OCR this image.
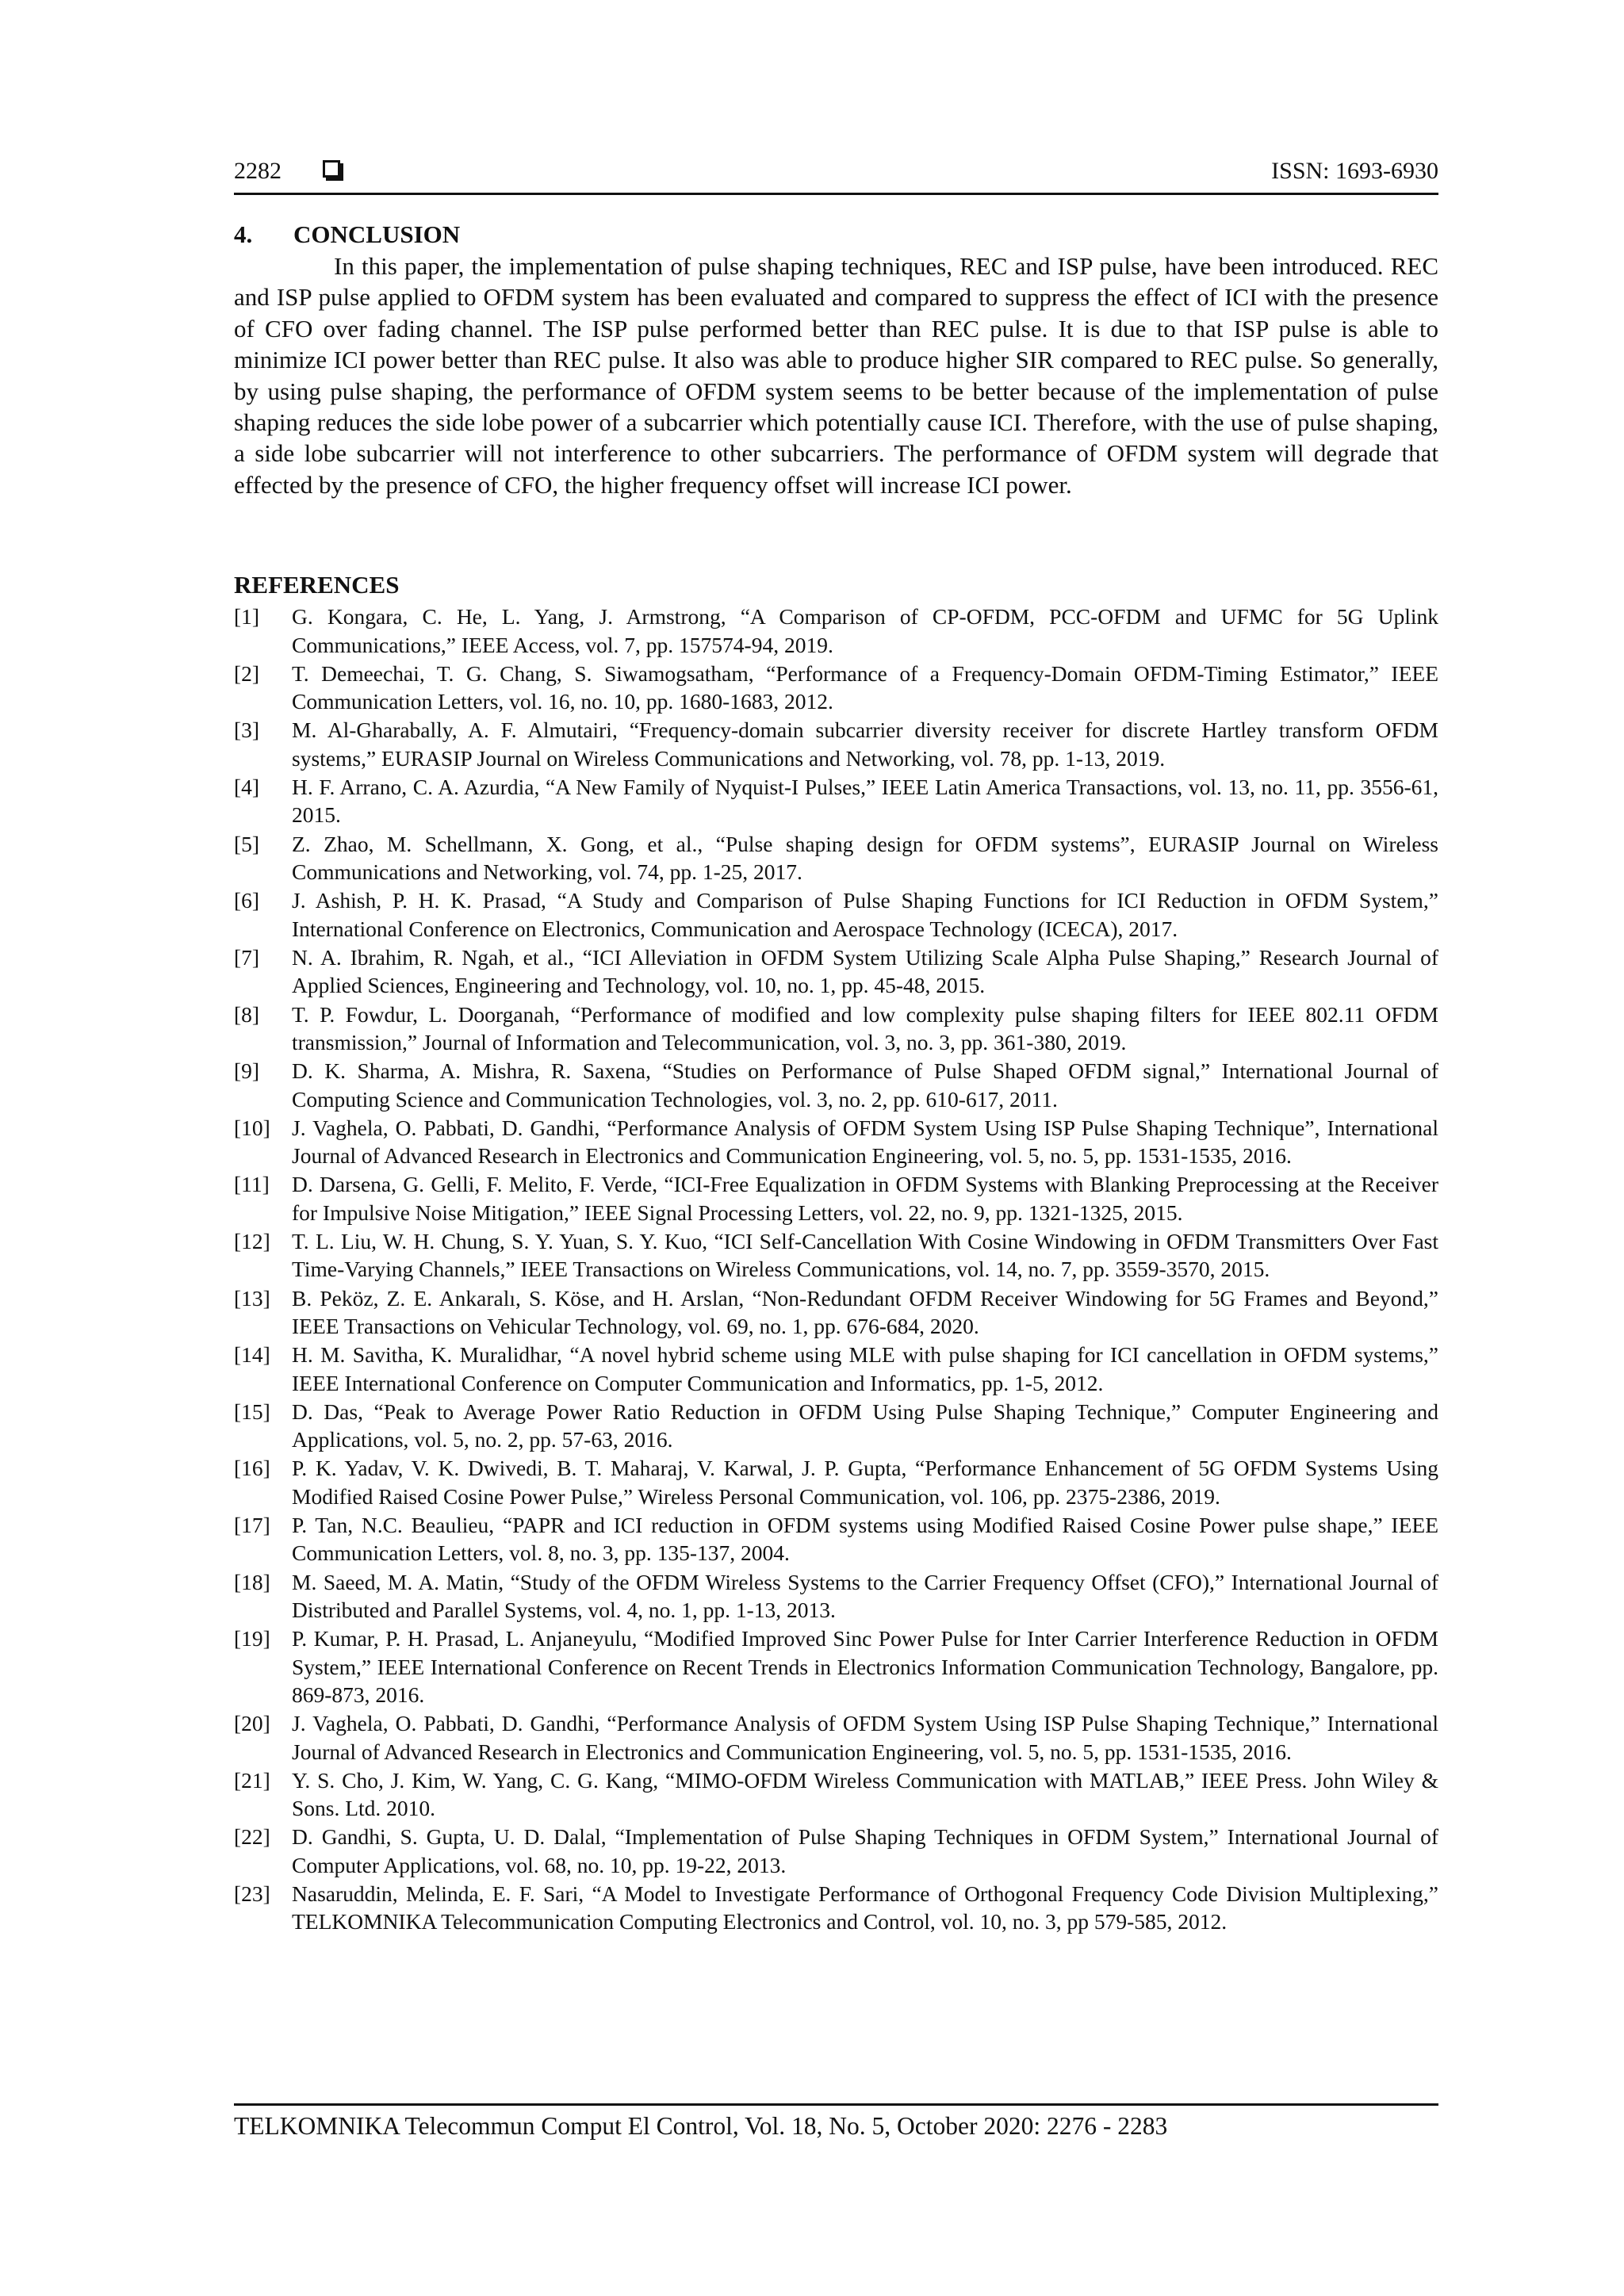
2282	ISSN: 1693-6930
4. CONCLUSION

In this paper, the implementation of pulse shaping techniques, REC and ISP pulse, have been introduced. REC and ISP pulse applied to OFDM system has been evaluated and compared to suppress the effect of ICI with the presence of CFO over fading channel. The ISP pulse performed better than REC pulse. It is due to that ISP pulse is able to minimize ICI power better than REC pulse. It also was able to produce higher SIR compared to REC pulse. So generally, by using pulse shaping, the performance of OFDM system seems to be better because of the implementation of pulse shaping reduces the side lobe power of a subcarrier which potentially cause ICI. Therefore, with the use of pulse shaping, a side lobe subcarrier will not interference to other subcarriers. The performance of OFDM system will degrade that effected by the presence of CFO, the higher frequency offset will increase ICI power.

REFERENCES
[1] G. Kongara, C. He, L. Yang, J. Armstrong, “A Comparison of CP-OFDM, PCC-OFDM and UFMC for 5G Uplink Communications,” IEEE Access, vol. 7, pp. 157574-94, 2019.
[2] T. Demeechai, T. G. Chang, S. Siwamogsatham, “Performance of a Frequency-Domain OFDM-Timing Estimator,” IEEE Communication Letters, vol. 16, no. 10, pp. 1680-1683, 2012.
[3] M. Al-Gharabally, A. F. Almutairi, “Frequency-domain subcarrier diversity receiver for discrete Hartley transform OFDM systems,” EURASIP Journal on Wireless Communications and Networking, vol. 78, pp. 1-13, 2019.
[4] H. F. Arrano, C. A. Azurdia, “A New Family of Nyquist-I Pulses,” IEEE Latin America Transactions, vol. 13, no. 11, pp. 3556-61, 2015.
[5] Z. Zhao, M. Schellmann, X. Gong, et al., “Pulse shaping design for OFDM systems”, EURASIP Journal on Wireless Communications and Networking, vol. 74, pp. 1-25, 2017.
[6] J. Ashish, P. H. K. Prasad, “A Study and Comparison of Pulse Shaping Functions for ICI Reduction in OFDM System,” International Conference on Electronics, Communication and Aerospace Technology (ICECA), 2017.
[7] N. A. Ibrahim, R. Ngah, et al., “ICI Alleviation in OFDM System Utilizing Scale Alpha Pulse Shaping,” Research Journal of Applied Sciences, Engineering and Technology, vol. 10, no. 1, pp. 45-48, 2015.
[8] T. P. Fowdur, L. Doorganah, “Performance of modified and low complexity pulse shaping filters for IEEE 802.11 OFDM transmission,” Journal of Information and Telecommunication, vol. 3, no. 3, pp. 361-380, 2019.
[9] D. K. Sharma, A. Mishra, R. Saxena, “Studies on Performance of Pulse Shaped OFDM signal,” International Journal of Computing Science and Communication Technologies, vol. 3, no. 2, pp. 610-617, 2011.
[10] J. Vaghela, O. Pabbati, D. Gandhi, “Performance Analysis of OFDM System Using ISP Pulse Shaping Technique”, International Journal of Advanced Research in Electronics and Communication Engineering, vol. 5, no. 5, pp. 1531-1535, 2016.
[11] D. Darsena, G. Gelli, F. Melito, F. Verde, “ICI-Free Equalization in OFDM Systems with Blanking Preprocessing at the Receiver for Impulsive Noise Mitigation,” IEEE Signal Processing Letters, vol. 22, no. 9, pp. 1321-1325, 2015.
[12] T. L. Liu, W. H. Chung, S. Y. Yuan, S. Y. Kuo, “ICI Self-Cancellation With Cosine Windowing in OFDM Transmitters Over Fast Time-Varying Channels,” IEEE Transactions on Wireless Communications, vol. 14, no. 7, pp. 3559-3570, 2015.
[13] B. Peköz, Z. E. Ankaralı, S. Köse, and H. Arslan, “Non-Redundant OFDM Receiver Windowing for 5G Frames and Beyond,” IEEE Transactions on Vehicular Technology, vol. 69, no. 1, pp. 676-684, 2020.
[14] H. M. Savitha, K. Muralidhar, “A novel hybrid scheme using MLE with pulse shaping for ICI cancellation in OFDM systems,” IEEE International Conference on Computer Communication and Informatics, pp. 1-5, 2012.
[15] D. Das, “Peak to Average Power Ratio Reduction in OFDM Using Pulse Shaping Technique,” Computer Engineering and Applications, vol. 5, no. 2, pp. 57-63, 2016.
[16] P. K. Yadav, V. K. Dwivedi, B. T. Maharaj, V. Karwal, J. P. Gupta, “Performance Enhancement of 5G OFDM Systems Using Modified Raised Cosine Power Pulse,” Wireless Personal Communication, vol. 106, pp. 2375-2386, 2019.
[17] P. Tan, N.C. Beaulieu, “PAPR and ICI reduction in OFDM systems using Modified Raised Cosine Power pulse shape,” IEEE Communication Letters, vol. 8, no. 3, pp. 135-137, 2004.
[18] M. Saeed, M. A. Matin, “Study of the OFDM Wireless Systems to the Carrier Frequency Offset (CFO),” International Journal of Distributed and Parallel Systems, vol. 4, no. 1, pp. 1-13, 2013.
[19] P. Kumar, P. H. Prasad, L. Anjaneyulu, “Modified Improved Sinc Power Pulse for Inter Carrier Interference Reduction in OFDM System,” IEEE International Conference on Recent Trends in Electronics Information Communication Technology, Bangalore, pp. 869-873, 2016.
[20] J. Vaghela, O. Pabbati, D. Gandhi, “Performance Analysis of OFDM System Using ISP Pulse Shaping Technique,” International Journal of Advanced Research in Electronics and Communication Engineering, vol. 5, no. 5, pp. 1531-1535, 2016.
[21] Y. S. Cho, J. Kim, W. Yang, C. G. Kang, “MIMO-OFDM Wireless Communication with MATLAB,” IEEE Press. John Wiley & Sons. Ltd. 2010.
[22] D. Gandhi, S. Gupta, U. D. Dalal, “Implementation of Pulse Shaping Techniques in OFDM System,” International Journal of Computer Applications, vol. 68, no. 10, pp. 19-22, 2013.
[23] Nasaruddin, Melinda, E. F. Sari, “A Model to Investigate Performance of Orthogonal Frequency Code Division Multiplexing,” TELKOMNIKA Telecommunication Computing Electronics and Control, vol. 10, no. 3, pp 579-585, 2012.
TELKOMNIKA Telecommun Comput El Control, Vol. 18, No. 5, October 2020: 2276 - 2283
